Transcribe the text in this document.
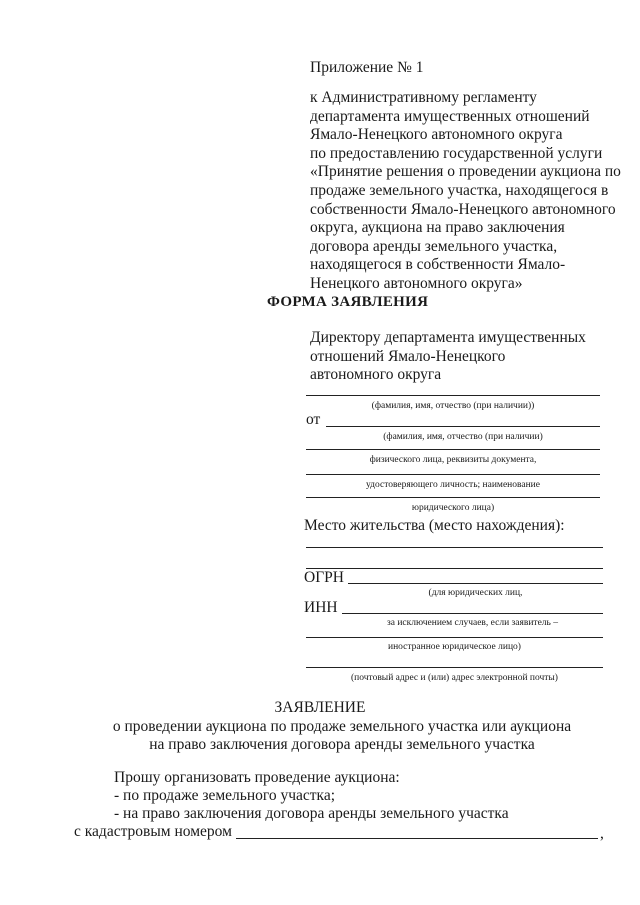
Приложение № 1
к Административному регламенту
департамента имущественных отношений
Ямало-Ненецкого автономного округа
по предоставлению государственной услуги
«Принятие решения о проведении аукциона по
продаже земельного участка, находящегося в
собственности Ямало-Ненецкого автономного
округа, аукциона на право заключения
договора аренды земельного участка,
находящегося в собственности Ямало-
Ненецкого автономного округа»
ФОРМА ЗАЯВЛЕНИЯ
Директору департамента имущественных
отношений Ямало-Ненецкого
автономного округа
(фамилия, имя, отчество (при наличии))
от
(фамилия, имя, отчество (при наличии)
физического лица, реквизиты документа,
удостоверяющего личность; наименование
юридического лица)
Место жительства (место нахождения):
ОГРН
(для юридических лиц,
ИНН
за исключением случаев, если заявитель –
иностранное юридическое лицо)
(почтовый адрес и (или) адрес электронной почты)
ЗАЯВЛЕНИЕ
о проведении аукциона по продаже земельного участка или аукциона
на право заключения договора аренды земельного участка
Прошу организовать проведение аукциона:
- по продаже земельного участка;
- на право заключения договора аренды земельного участка
с кадастровым номером	,
